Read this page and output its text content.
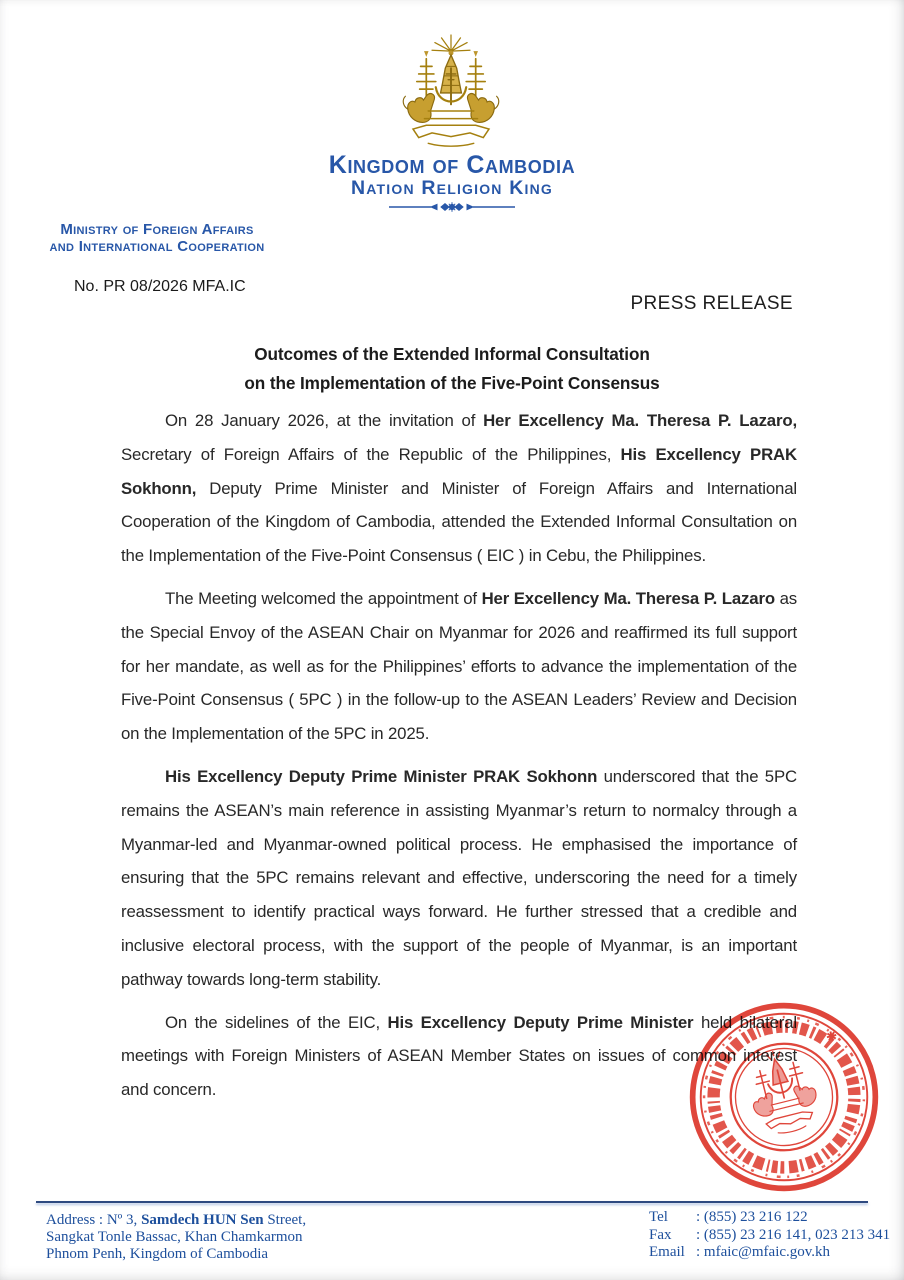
Kingdom of Cambodia
Nation Religion King
Ministry of Foreign Affairs
and International Cooperation
No. PR 08/2026 MFA.IC
PRESS RELEASE
Outcomes of the Extended Informal Consultation
on the Implementation of the Five-Point Consensus

On 28 January 2026, at the invitation of Her Excellency Ma. Theresa P. Lazaro, Secretary of Foreign Affairs of the Republic of the Philippines, His Excellency PRAK Sokhonn, Deputy Prime Minister and Minister of Foreign Affairs and International Cooperation of the Kingdom of Cambodia, attended the Extended Informal Consultation on the Implementation of the Five-Point Consensus ( EIC ) in Cebu, the Philippines.

The Meeting welcomed the appointment of Her Excellency Ma. Theresa P. Lazaro as the Special Envoy of the ASEAN Chair on Myanmar for 2026 and reaffirmed its full support for her mandate, as well as for the Philippines’ efforts to advance the implementation of the Five-Point Consensus ( 5PC ) in the follow-up to the ASEAN Leaders’ Review and Decision on the Implementation of the 5PC in 2025.

His Excellency Deputy Prime Minister PRAK Sokhonn underscored that the 5PC remains the ASEAN’s main reference in assisting Myanmar’s return to normalcy through a Myanmar-led and Myanmar-owned political process. He emphasised the importance of ensuring that the 5PC remains relevant and effective, underscoring the need for a timely reassessment to identify practical ways forward. He further stressed that a credible and inclusive electoral process, with the support of the people of Myanmar, is an important pathway towards long-term stability.

On the sidelines of the EIC, His Excellency Deputy Prime Minister held bilateral meetings with Foreign Ministers of ASEAN Member States on issues of common interest and concern.

Address : Nº 3, Samdech HUN Sen Street,
Sangkat Tonle Bassac, Khan Chamkarmon
Phnom Penh, Kingdom of Cambodia
Tel	: (855) 23 216 122
Fax	: (855) 23 216 141, 023 213 341
Email : mfaic@mfaic.gov.kh
